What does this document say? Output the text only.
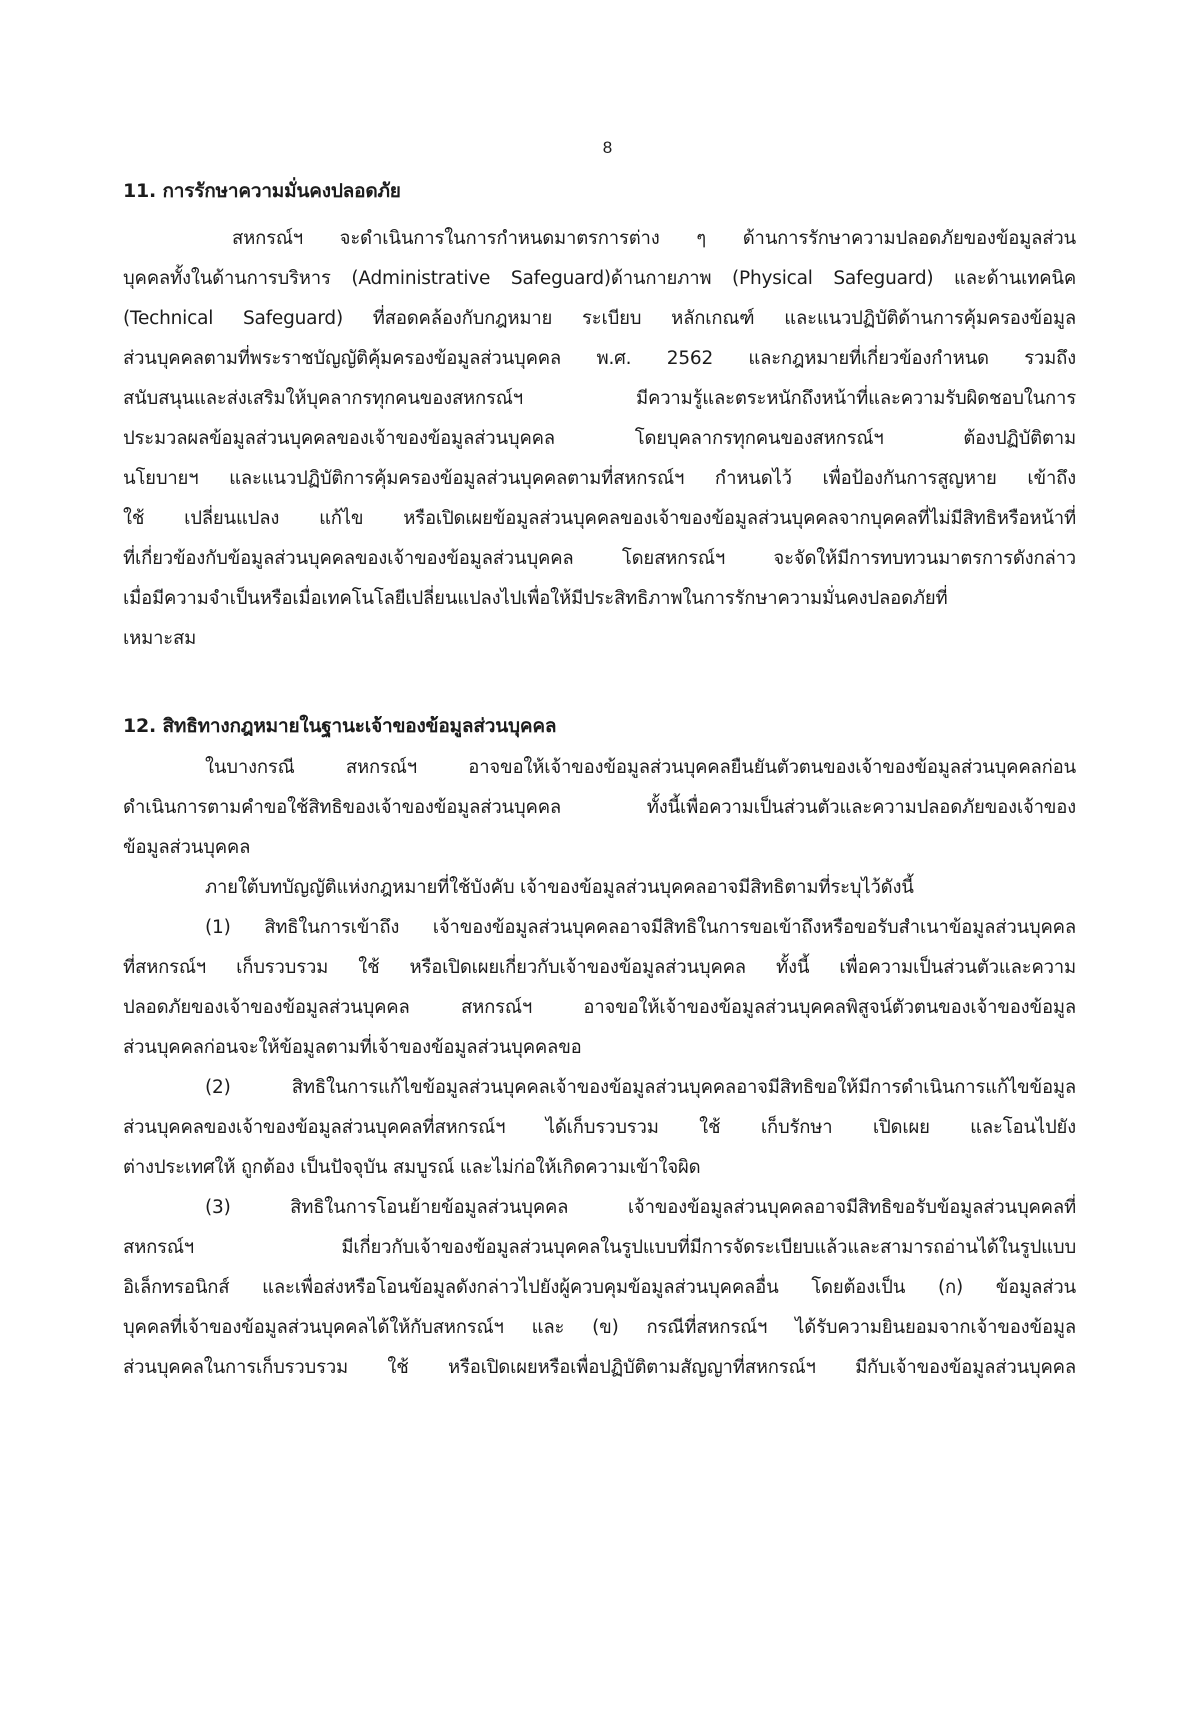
8
11. การรักษาความมั่นคงปลอดภัย
สหกรณ์ฯ จะดำเนินการในการกำหนดมาตรการต่าง ๆ ด้านการรักษาความปลอดภัยของข้อมูลส่วน
บุคคลทั้งในด้านการบริหาร (Administrative Safeguard)ด้านกายภาพ (Physical Safeguard) และด้านเทคนิค
(Technical Safeguard) ที่สอดคล้องกับกฎหมาย ระเบียบ หลักเกณฑ์ และแนวปฏิบัติด้านการคุ้มครองข้อมูล
ส่วนบุคคลตามที่พระราชบัญญัติคุ้มครองข้อมูลส่วนบุคคล พ.ศ. 2562 และกฎหมายที่เกี่ยวข้องกำหนด รวมถึง
สนับสนุนและส่งเสริมให้บุคลากรทุกคนของสหกรณ์ฯ มีความรู้และตระหนักถึงหน้าที่และความรับผิดชอบในการ
ประมวลผลข้อมูลส่วนบุคคลของเจ้าของข้อมูลส่วนบุคคล โดยบุคลากรทุกคนของสหกรณ์ฯ ต้องปฏิบัติตาม
นโยบายฯ และแนวปฏิบัติการคุ้มครองข้อมูลส่วนบุคคลตามที่สหกรณ์ฯ กำหนดไว้ เพื่อป้องกันการสูญหาย เข้าถึง
ใช้ เปลี่ยนแปลง แก้ไข หรือเปิดเผยข้อมูลส่วนบุคคลของเจ้าของข้อมูลส่วนบุคคลจากบุคคลที่ไม่มีสิทธิหรือหน้าที่
ที่เกี่ยวข้องกับข้อมูลส่วนบุคคลของเจ้าของข้อมูลส่วนบุคคล โดยสหกรณ์ฯ จะจัดให้มีการทบทวนมาตรการดังกล่าว
เมื่อมีความจำเป็นหรือเมื่อเทคโนโลยีเปลี่ยนแปลงไปเพื่อให้มีประสิทธิภาพในการรักษาความมั่นคงปลอดภัยที่
เหมาะสม
12. สิทธิทางกฎหมายในฐานะเจ้าของข้อมูลส่วนบุคคล
ในบางกรณี สหกรณ์ฯ อาจขอให้เจ้าของข้อมูลส่วนบุคคลยืนยันตัวตนของเจ้าของข้อมูลส่วนบุคคลก่อน
ดำเนินการตามคำขอใช้สิทธิของเจ้าของข้อมูลส่วนบุคคล ทั้งนี้เพื่อความเป็นส่วนตัวและความปลอดภัยของเจ้าของ
ข้อมูลส่วนบุคคล
ภายใต้บทบัญญัติแห่งกฎหมายที่ใช้บังคับ เจ้าของข้อมูลส่วนบุคคลอาจมีสิทธิตามที่ระบุไว้ดังนี้
(1) สิทธิในการเข้าถึง เจ้าของข้อมูลส่วนบุคคลอาจมีสิทธิในการขอเข้าถึงหรือขอรับสำเนาข้อมูลส่วนบุคคล
ที่สหกรณ์ฯ เก็บรวบรวม ใช้ หรือเปิดเผยเกี่ยวกับเจ้าของข้อมูลส่วนบุคคล ทั้งนี้ เพื่อความเป็นส่วนตัวและความ
ปลอดภัยของเจ้าของข้อมูลส่วนบุคคล สหกรณ์ฯ อาจขอให้เจ้าของข้อมูลส่วนบุคคลพิสูจน์ตัวตนของเจ้าของข้อมูล
ส่วนบุคคลก่อนจะให้ข้อมูลตามที่เจ้าของข้อมูลส่วนบุคคลขอ
(2) สิทธิในการแก้ไขข้อมูลส่วนบุคคลเจ้าของข้อมูลส่วนบุคคลอาจมีสิทธิขอให้มีการดำเนินการแก้ไขข้อมูล
ส่วนบุคคลของเจ้าของข้อมูลส่วนบุคคลที่สหกรณ์ฯ ได้เก็บรวบรวม ใช้ เก็บรักษา เปิดเผย และโอนไปยัง
ต่างประเทศให้ ถูกต้อง เป็นปัจจุบัน สมบูรณ์ และไม่ก่อให้เกิดความเข้าใจผิด
(3) สิทธิในการโอนย้ายข้อมูลส่วนบุคคล เจ้าของข้อมูลส่วนบุคคลอาจมีสิทธิขอรับข้อมูลส่วนบุคคลที่
สหกรณ์ฯ มีเกี่ยวกับเจ้าของข้อมูลส่วนบุคคลในรูปแบบที่มีการจัดระเบียบแล้วและสามารถอ่านได้ในรูปแบบ
อิเล็กทรอนิกส์ และเพื่อส่งหรือโอนข้อมูลดังกล่าวไปยังผู้ควบคุมข้อมูลส่วนบุคคลอื่น โดยต้องเป็น (ก) ข้อมูลส่วน
บุคคลที่เจ้าของข้อมูลส่วนบุคคลได้ให้กับสหกรณ์ฯ และ (ข) กรณีที่สหกรณ์ฯ ได้รับความยินยอมจากเจ้าของข้อมูล
ส่วนบุคคลในการเก็บรวบรวม ใช้ หรือเปิดเผยหรือเพื่อปฏิบัติตามสัญญาที่สหกรณ์ฯ มีกับเจ้าของข้อมูลส่วนบุคคล
